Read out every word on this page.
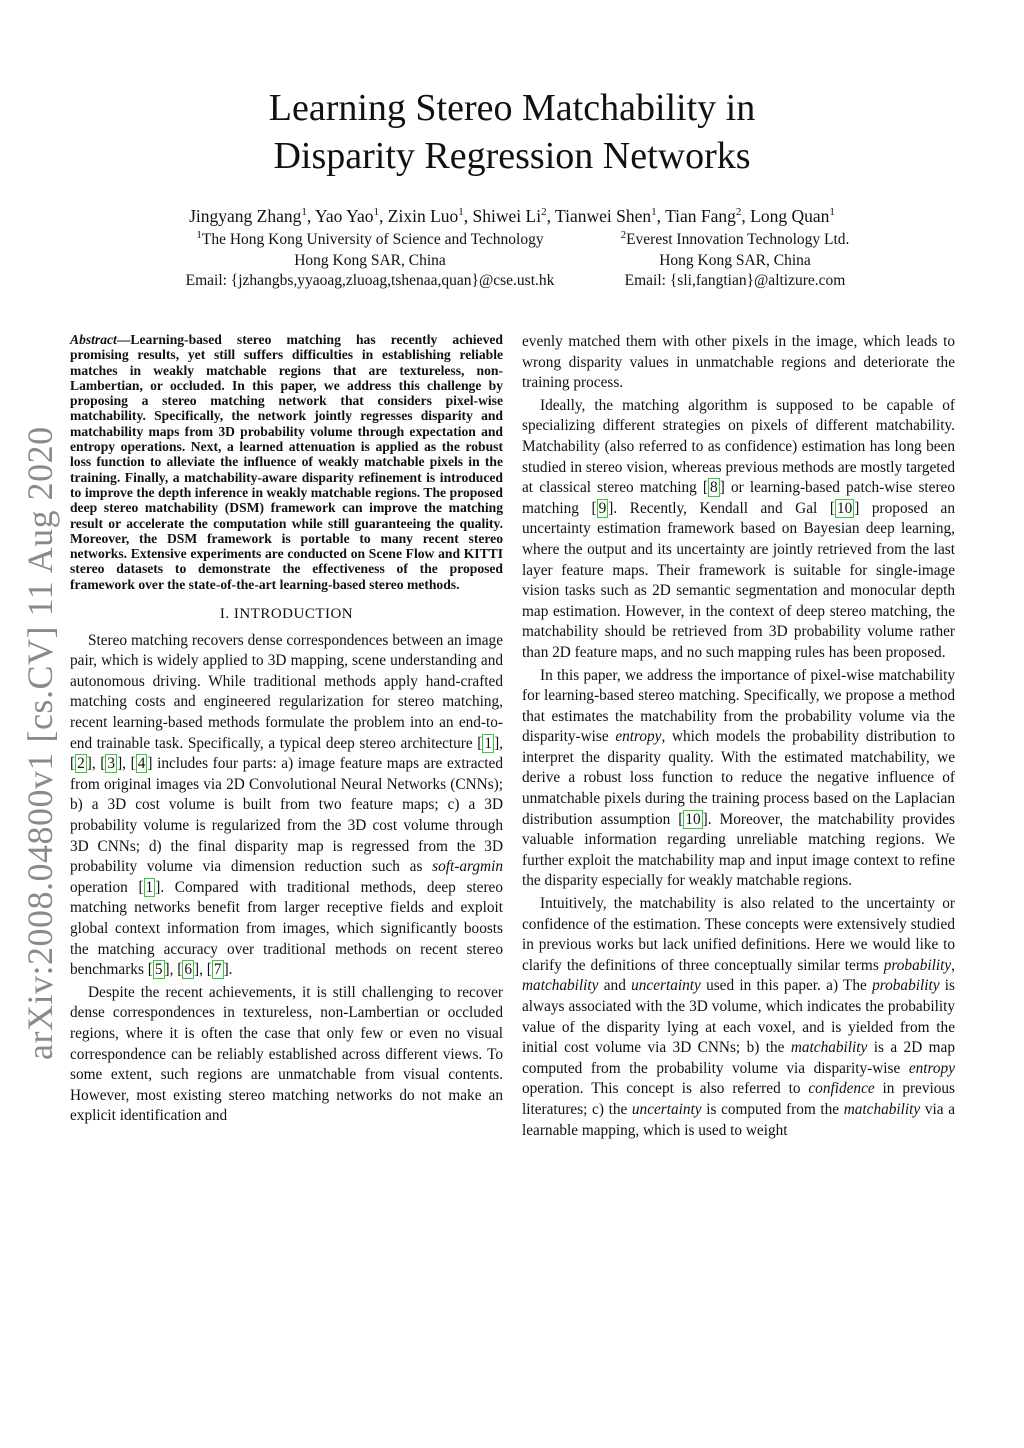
Learning Stereo Matchability in
Disparity Regression Networks
Jingyang Zhang$^1$, Yao Yao$^1$, Zixin Luo$^1$, Shiwei Li$^2$, Tianwei Shen$^1$, Tian Fang$^2$, Long Quan$^1$
$^1$The Hong Kong University of Science and Technology
Hong Kong SAR, China
Email: {jzhangbs,yyaoag,zluoag,tshenaa,quan}@cse.ust.hk
$^2$Everest Innovation Technology Ltd.
Hong Kong SAR, China
Email: {sli,fangtian}@altizure.com
arXiv:2008.04800v1 [cs.CV] 11 Aug 2020

Abstract—Learning-based stereo matching has recently achieved promising results, yet still suffers difficulties in establishing reliable matches in weakly matchable regions that are textureless, non-Lambertian, or occluded. In this paper, we address this challenge by proposing a stereo matching network that considers pixel-wise matchability. Specifically, the network jointly regresses disparity and matchability maps from 3D probability volume through expectation and entropy operations. Next, a learned attenuation is applied as the robust loss function to alleviate the influence of weakly matchable pixels in the training. Finally, a matchability-aware disparity refinement is introduced to improve the depth inference in weakly matchable regions. The proposed deep stereo matchability (DSM) framework can improve the matching result or accelerate the computation while still guaranteeing the quality. Moreover, the DSM framework is portable to many recent stereo networks. Extensive experiments are conducted on Scene Flow and KITTI stereo datasets to demonstrate the effectiveness of the proposed framework over the state-of-the-art learning-based stereo methods.

I. INTRODUCTION

Stereo matching recovers dense correspondences between an image pair, which is widely applied to 3D mapping, scene understanding and autonomous driving. While traditional methods apply hand-crafted matching costs and engineered regularization for stereo matching, recent learning-based methods formulate the problem into an end-to-end trainable task. Specifically, a typical deep stereo architecture [ 1 ], [ 2 ], [ 3 ], [ 4 ] includes four parts: a) image feature maps are extracted from original images via 2D Convolutional Neural Networks (CNNs); b) a 3D cost volume is built from two feature maps; c) a 3D probability volume is regularized from the 3D cost volume through 3D CNNs; d) the final disparity map is regressed from the 3D probability volume via dimension reduction such as soft-argmin operation [ 1 ]. Compared with traditional methods, deep stereo matching networks benefit from larger receptive fields and exploit global context information from images, which significantly boosts the matching accuracy over traditional methods on recent stereo benchmarks [ 5 ], [ 6 ], [ 7 ].

Despite the recent achievements, it is still challenging to recover dense correspondences in textureless, non-Lambertian or occluded regions, where it is often the case that only few or even no visual correspondence can be reliably established across different views. To some extent, such regions are unmatchable from visual contents. However, most existing stereo matching networks do not make an explicit identification and

evenly matched them with other pixels in the image, which leads to wrong disparity values in unmatchable regions and deteriorate the training process.

Ideally, the matching algorithm is supposed to be capable of specializing different strategies on pixels of different matchability. Matchability (also referred to as confidence) estimation has long been studied in stereo vision, whereas previous methods are mostly targeted at classical stereo matching [ 8 ] or learning-based patch-wise stereo matching [ 9 ]. Recently, Kendall and Gal [ 10 ] proposed an uncertainty estimation framework based on Bayesian deep learning, where the output and its uncertainty are jointly retrieved from the last layer feature maps. Their framework is suitable for single-image vision tasks such as 2D semantic segmentation and monocular depth map estimation. However, in the context of deep stereo matching, the matchability should be retrieved from 3D probability volume rather than 2D feature maps, and no such mapping rules has been proposed.

In this paper, we address the importance of pixel-wise matchability for learning-based stereo matching. Specifically, we propose a method that estimates the matchability from the probability volume via the disparity-wise entropy, which models the probability distribution to interpret the disparity quality. With the estimated matchability, we derive a robust loss function to reduce the negative influence of unmatchable pixels during the training process based on the Laplacian distribution assumption [ 10 ]. Moreover, the matchability provides valuable information regarding unreliable matching regions. We further exploit the matchability map and input image context to refine the disparity especially for weakly matchable regions.

Intuitively, the matchability is also related to the uncertainty or confidence of the estimation. These concepts were extensively studied in previous works but lack unified definitions. Here we would like to clarify the definitions of three conceptually similar terms probability, matchability and uncertainty used in this paper. a) The probability is always associated with the 3D volume, which indicates the probability value of the disparity lying at each voxel, and is yielded from the initial cost volume via 3D CNNs; b) the matchability is a 2D map computed from the probability volume via disparity-wise entropy operation. This concept is also referred to confidence in previous literatures; c) the uncertainty is computed from the matchability via a learnable mapping, which is used to weight
